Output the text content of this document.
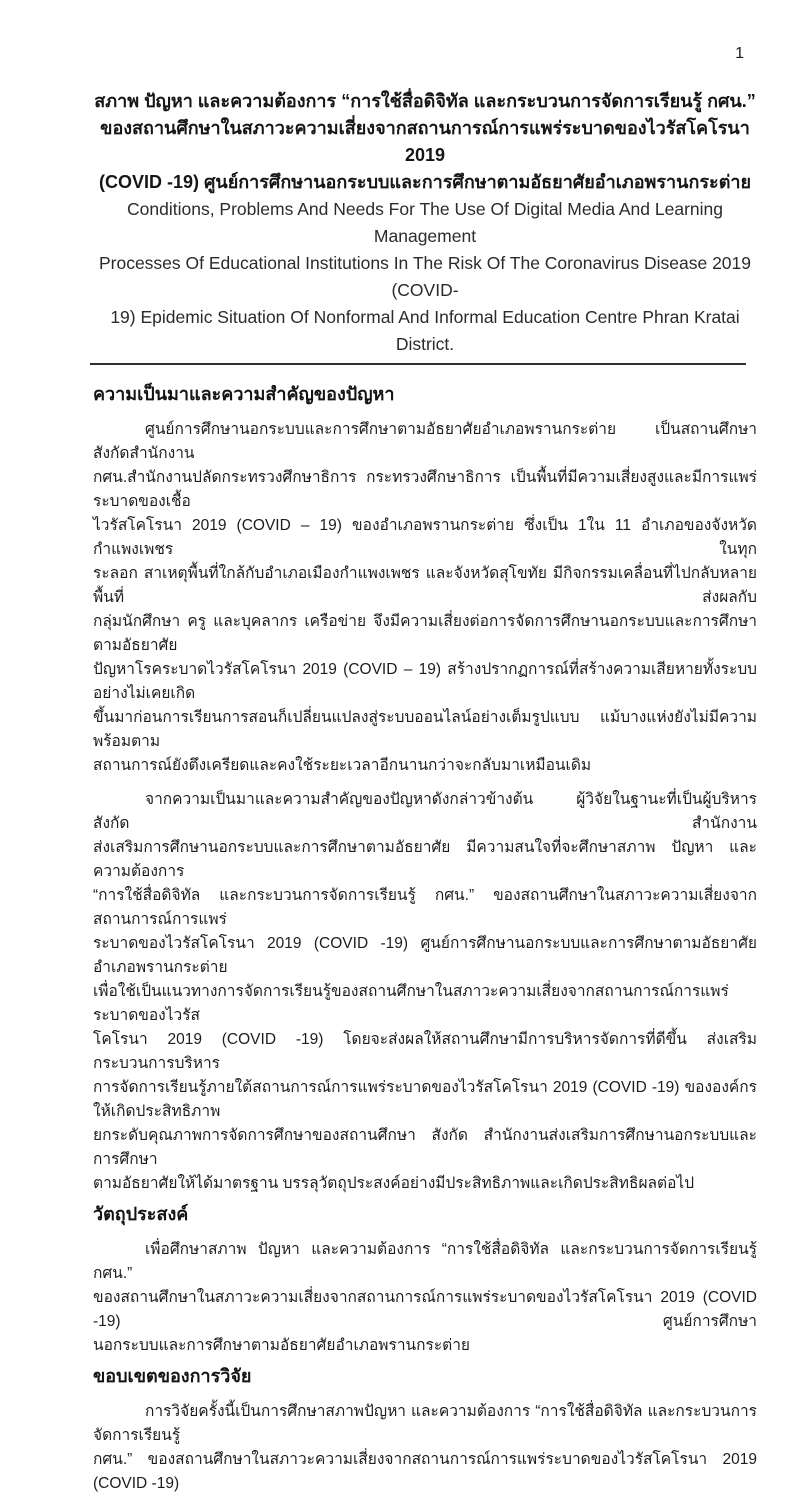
1
สภาพ ปัญหา และความต้องการ “การใช้สื่อดิจิทัล และกระบวนการจัดการเรียนรู้ กศน.”
ของสถานศึกษาในสภาวะความเสี่ยงจากสถานการณ์การแพร่ระบาดของไวรัสโคโรนา 2019
(COVID -19) ศูนย์การศึกษานอกระบบและการศึกษาตามอัธยาศัยอำเภอพรานกระต่าย
Conditions, Problems And Needs For The Use Of Digital Media And Learning Management
Processes Of Educational Institutions In The Risk Of The Coronavirus Disease 2019 (COVID-
19) Epidemic Situation Of Nonformal And Informal Education Centre Phran Kratai District.
ความเป็นมาและความสำคัญของปัญหา
ศูนย์การศึกษานอกระบบและการศึกษาตามอัธยาศัยอำเภอพรานกระต่าย เป็นสถานศึกษา สังกัดสำนักงาน
กศน.สำนักงานปลัดกระทรวงศึกษาธิการ กระทรวงศึกษาธิการ เป็นพื้นที่มีความเสี่ยงสูงและมีการแพร่ระบาดของเชื้อ
ไวรัสโคโรนา 2019 (COVID – 19) ของอำเภอพรานกระต่าย ซึ่งเป็น 1ใน 11 อำเภอของจังหวัดกำแพงเพชร ในทุก
ระลอก สาเหตุพื้นที่ใกล้กับอำเภอเมืองกำแพงเพชร และจังหวัดสุโขทัย มีกิจกรรมเคลื่อนที่ไปกลับหลายพื้นที่ ส่งผลกับ
กลุ่มนักศึกษา ครู และบุคลากร เครือข่าย จึงมีความเสี่ยงต่อการจัดการศึกษานอกระบบและการศึกษาตามอัธยาศัย
ปัญหาโรคระบาดไวรัสโคโรนา 2019 (COVID – 19) สร้างปรากฏการณ์ที่สร้างความเสียหายทั้งระบบอย่างไม่เคยเกิด
ขึ้นมาก่อนการเรียนการสอนก็เปลี่ยนแปลงสู่ระบบออนไลน์อย่างเต็มรูปแบบ แม้บางแห่งยังไม่มีความพร้อมตาม
สถานการณ์ยังตึงเครียดและคงใช้ระยะเวลาอีกนานกว่าจะกลับมาเหมือนเดิม
จากความเป็นมาและความสำคัญของปัญหาดังกล่าวข้างต้น ผู้วิจัยในฐานะที่เป็นผู้บริหาร สังกัด สำนักงาน
ส่งเสริมการศึกษานอกระบบและการศึกษาตามอัธยาศัย มีความสนใจที่จะศึกษาสภาพ ปัญหา และความต้องการ
“การใช้สื่อดิจิทัล และกระบวนการจัดการเรียนรู้ กศน.” ของสถานศึกษาในสภาวะความเสี่ยงจากสถานการณ์การแพร่
ระบาดของไวรัสโคโรนา 2019 (COVID -19) ศูนย์การศึกษานอกระบบและการศึกษาตามอัธยาศัยอำเภอพรานกระต่าย
เพื่อใช้เป็นแนวทางการจัดการเรียนรู้ของสถานศึกษาในสภาวะความเสี่ยงจากสถานการณ์การแพร่ระบาดของไวรัส
โคโรนา 2019 (COVID -19) โดยจะส่งผลให้สถานศึกษามีการบริหารจัดการที่ดีขึ้น ส่งเสริมกระบวนการบริหาร
การจัดการเรียนรู้ภายใต้สถานการณ์การแพร่ระบาดของไวรัสโคโรนา 2019 (COVID -19) ขององค์กรให้เกิดประสิทธิภาพ
ยกระดับคุณภาพการจัดการศึกษาของสถานศึกษา สังกัด สำนักงานส่งเสริมการศึกษานอกระบบและการศึกษา
ตามอัธยาศัยให้ได้มาตรฐาน บรรลุวัตถุประสงค์อย่างมีประสิทธิภาพและเกิดประสิทธิผลต่อไป
วัตถุประสงค์
เพื่อศึกษาสภาพ ปัญหา และความต้องการ “การใช้สื่อดิจิทัล และกระบวนการจัดการเรียนรู้ กศน.”
ของสถานศึกษาในสภาวะความเสี่ยงจากสถานการณ์การแพร่ระบาดของไวรัสโคโรนา 2019 (COVID -19) ศูนย์การศึกษา
นอกระบบและการศึกษาตามอัธยาศัยอำเภอพรานกระต่าย
ขอบเขตของการวิจัย
การวิจัยครั้งนี้เป็นการศึกษาสภาพปัญหา และความต้องการ “การใช้สื่อดิจิทัล และกระบวนการจัดการเรียนรู้
กศน.” ของสถานศึกษาในสภาวะความเสี่ยงจากสถานการณ์การแพร่ระบาดของไวรัสโคโรนา 2019 (COVID -19)
